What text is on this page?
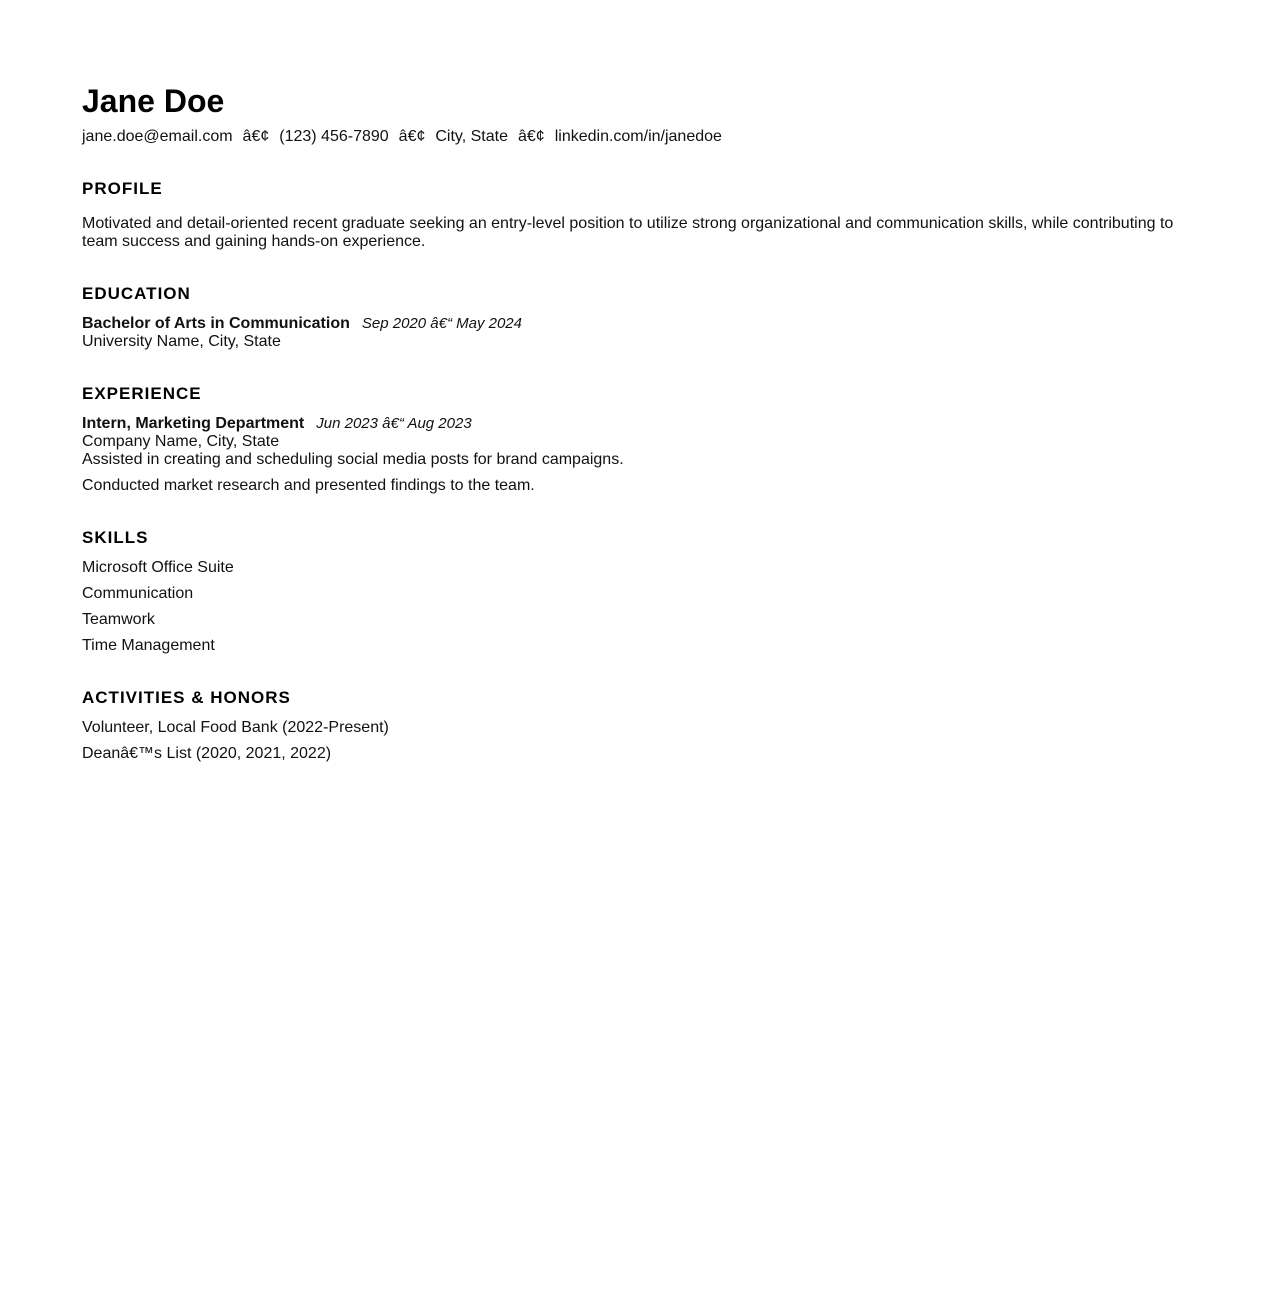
Jane Doe
jane.doe@email.com â€¢ (123) 456-7890 â€¢ City, State â€¢ linkedin.com/in/janedoe
PROFILE
Motivated and detail-oriented recent graduate seeking an entry-level position to utilize strong organizational and communication skills, while contributing to team success and gaining hands-on experience.
EDUCATION
Bachelor of Arts in Communication Sep 2020 â€“ May 2024
University Name, City, State
EXPERIENCE
Intern, Marketing Department Jun 2023 â€“ Aug 2023
Company Name, City, State
Assisted in creating and scheduling social media posts for brand campaigns.
Conducted market research and presented findings to the team.
SKILLS
Microsoft Office Suite
Communication
Teamwork
Time Management
ACTIVITIES & HONORS
Volunteer, Local Food Bank (2022-Present)
Deanâ€™s List (2020, 2021, 2022)
